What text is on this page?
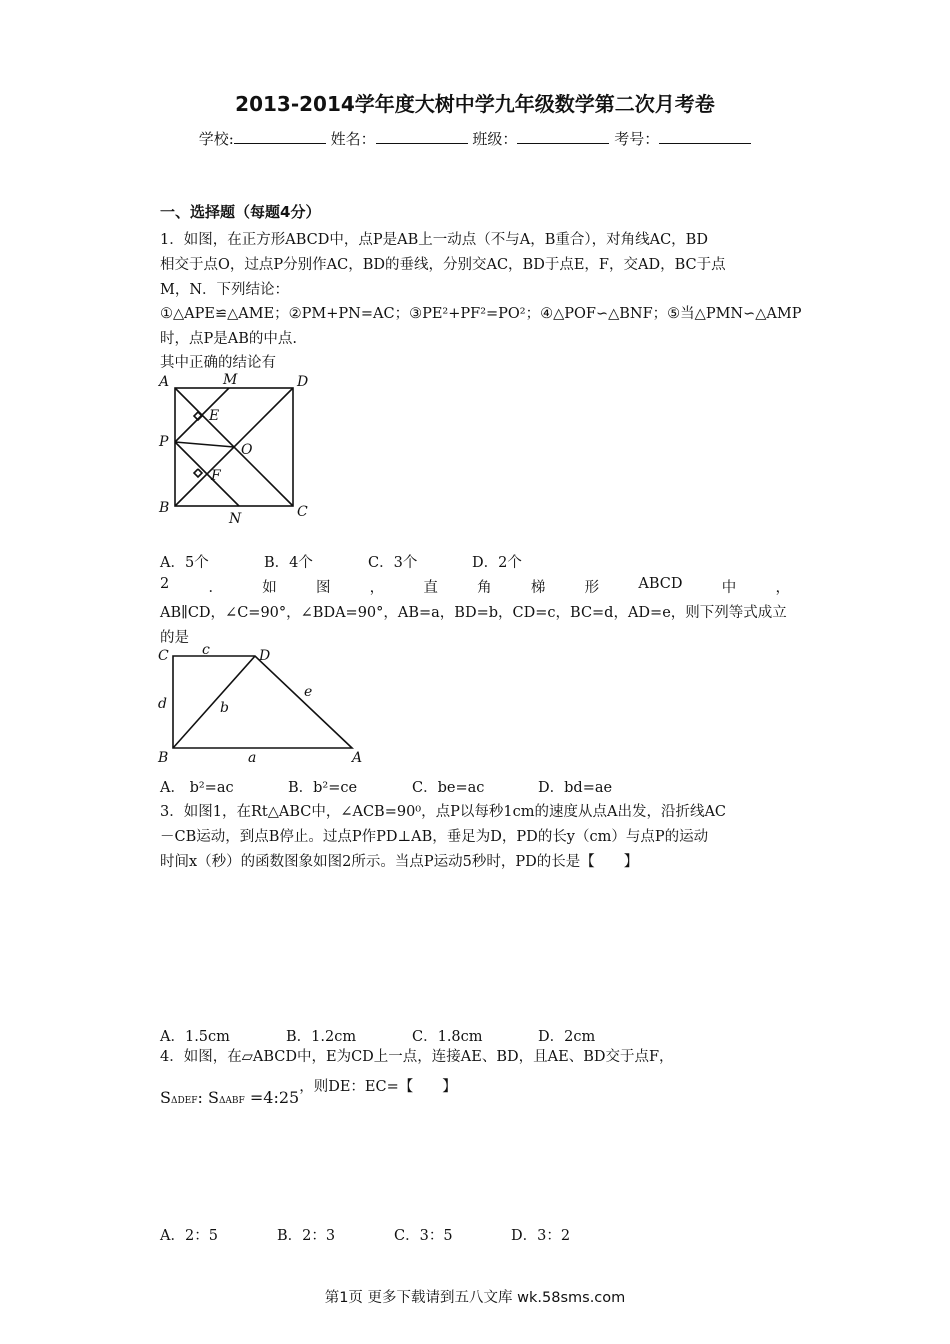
2013-2014学年度大树中学九年级数学第二次月考卷
学校:	姓名：	班级：	考号：
一、选择题（每题4分）
1．如图，在正方形ABCD中，点P是AB上一动点（不与A，B重合），对角线AC，BD
相交于点O，过点P分别作AC，BD的垂线，分别交AC，BD于点E，F，交AD，BC于点
M，N．下列结论：
①△APE≌△AME；②PM+PN=AC；③PE²+PF²=PO²；④△POF∽△BNF；⑤当△PMN∽△AMP
时，点P是AB的中点.
其中正确的结论有
A	M	D
E
P	O
F
B
N	C
A．5个	B．4个	C．3个	D．2个
2	．	如	图	，	直	角	梯	形	ABCD	中	，
AB∥CD，∠C=90°，∠BDA=90°，AB=a，BD=b，CD=c，BC=d，AD=e，则下列等式成立
的是
C c	D
d	b
e
B	a	A
A． b²=ac	B．b²=ce	C．be=ac	D．bd=ae
3．如图1，在Rt△ABC中，∠ACB=90⁰，点P以每秒1cm的速度从点A出发，沿折线AC
－CB运动，到点B停止。过点P作PD⊥AB，垂足为D，PD的长y（cm）与点P的运动
时间x（秒）的函数图象如图2所示。当点P运动5秒时，PD的长是【　　】
A．1.5cm	B．1.2cm	C．1.8cm	D．2cm
4．如图，在▱ABCD中，E为CD上一点，连接AE、BD，且AE、BD交于点F，
SΔDEF: SΔABF =4:25，则DE：EC=【　　】
A．2：5	B．2：3	C．3：5	D．3：2
第1页 更多下载请到五八文库 wk.58sms.com
